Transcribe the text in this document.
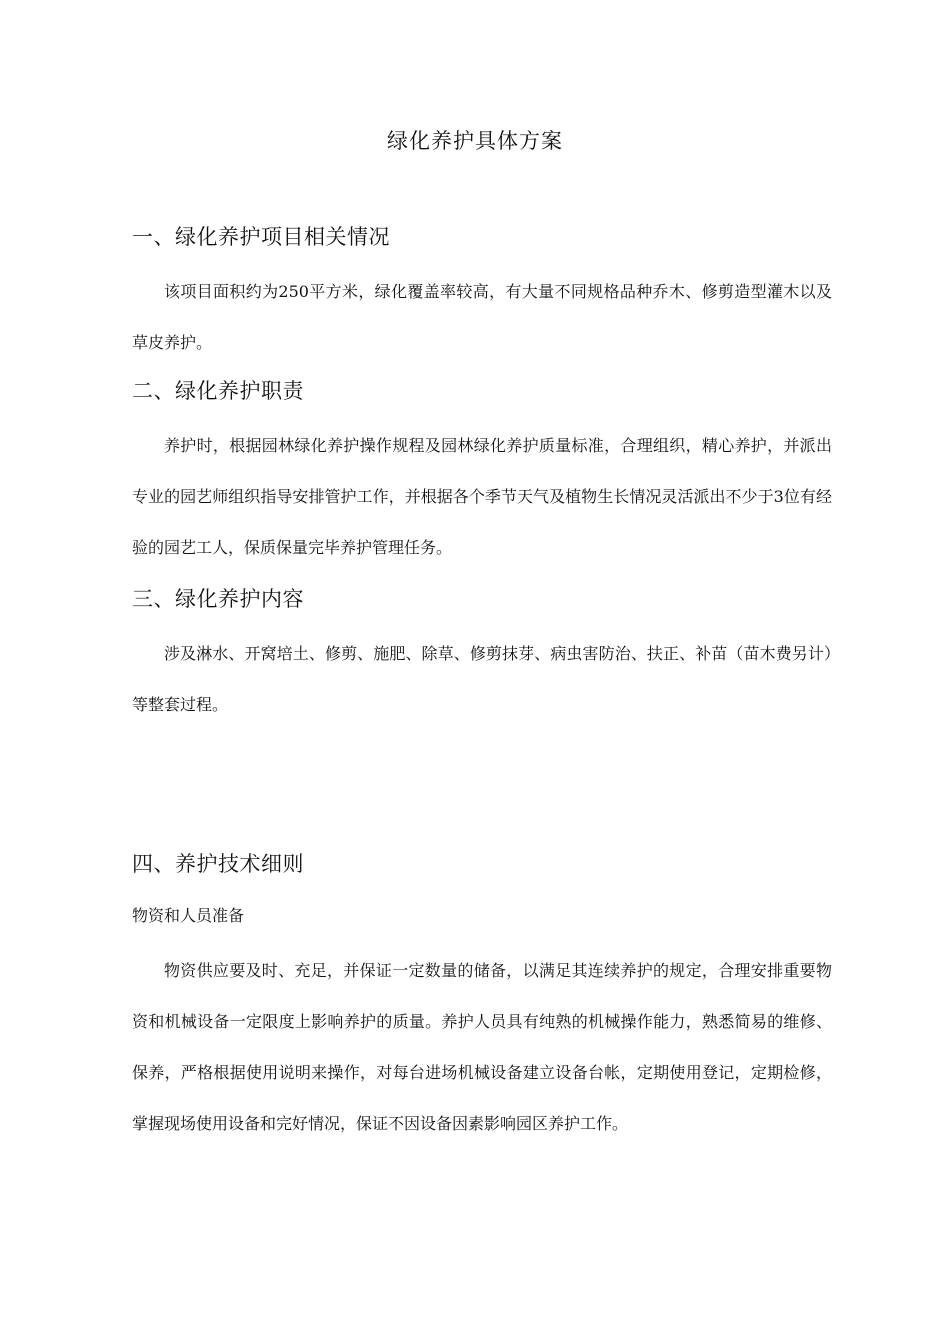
绿化养护具体方案
一、绿化养护项目相关情况
该项目面积约为250平方米，绿化覆盖率较高，有大量不同规格品种乔木、修剪造型灌木以及草皮养护。
二、绿化养护职责
养护时，根据园林绿化养护操作规程及园林绿化养护质量标准，合理组织，精心养护，并派出专业的园艺师组织指导安排管护工作，并根据各个季节天气及植物生长情况灵活派出不少于3位有经验的园艺工人，保质保量完毕养护管理任务。
三、绿化养护内容
涉及淋水、开窝培土、修剪、施肥、除草、修剪抹芽、病虫害防治、扶正、补苗（苗木费另计）等整套过程。
四、养护技术细则
物资和人员准备
物资供应要及时、充足，并保证一定数量的储备，以满足其连续养护的规定，合理安排重要物资和机械设备一定限度上影响养护的质量。养护人员具有纯熟的机械操作能力，熟悉简易的维修、保养，严格根据使用说明来操作，对每台进场机械设备建立设备台帐，定期使用登记，定期检修，掌握现场使用设备和完好情况，保证不因设备因素影响园区养护工作。
